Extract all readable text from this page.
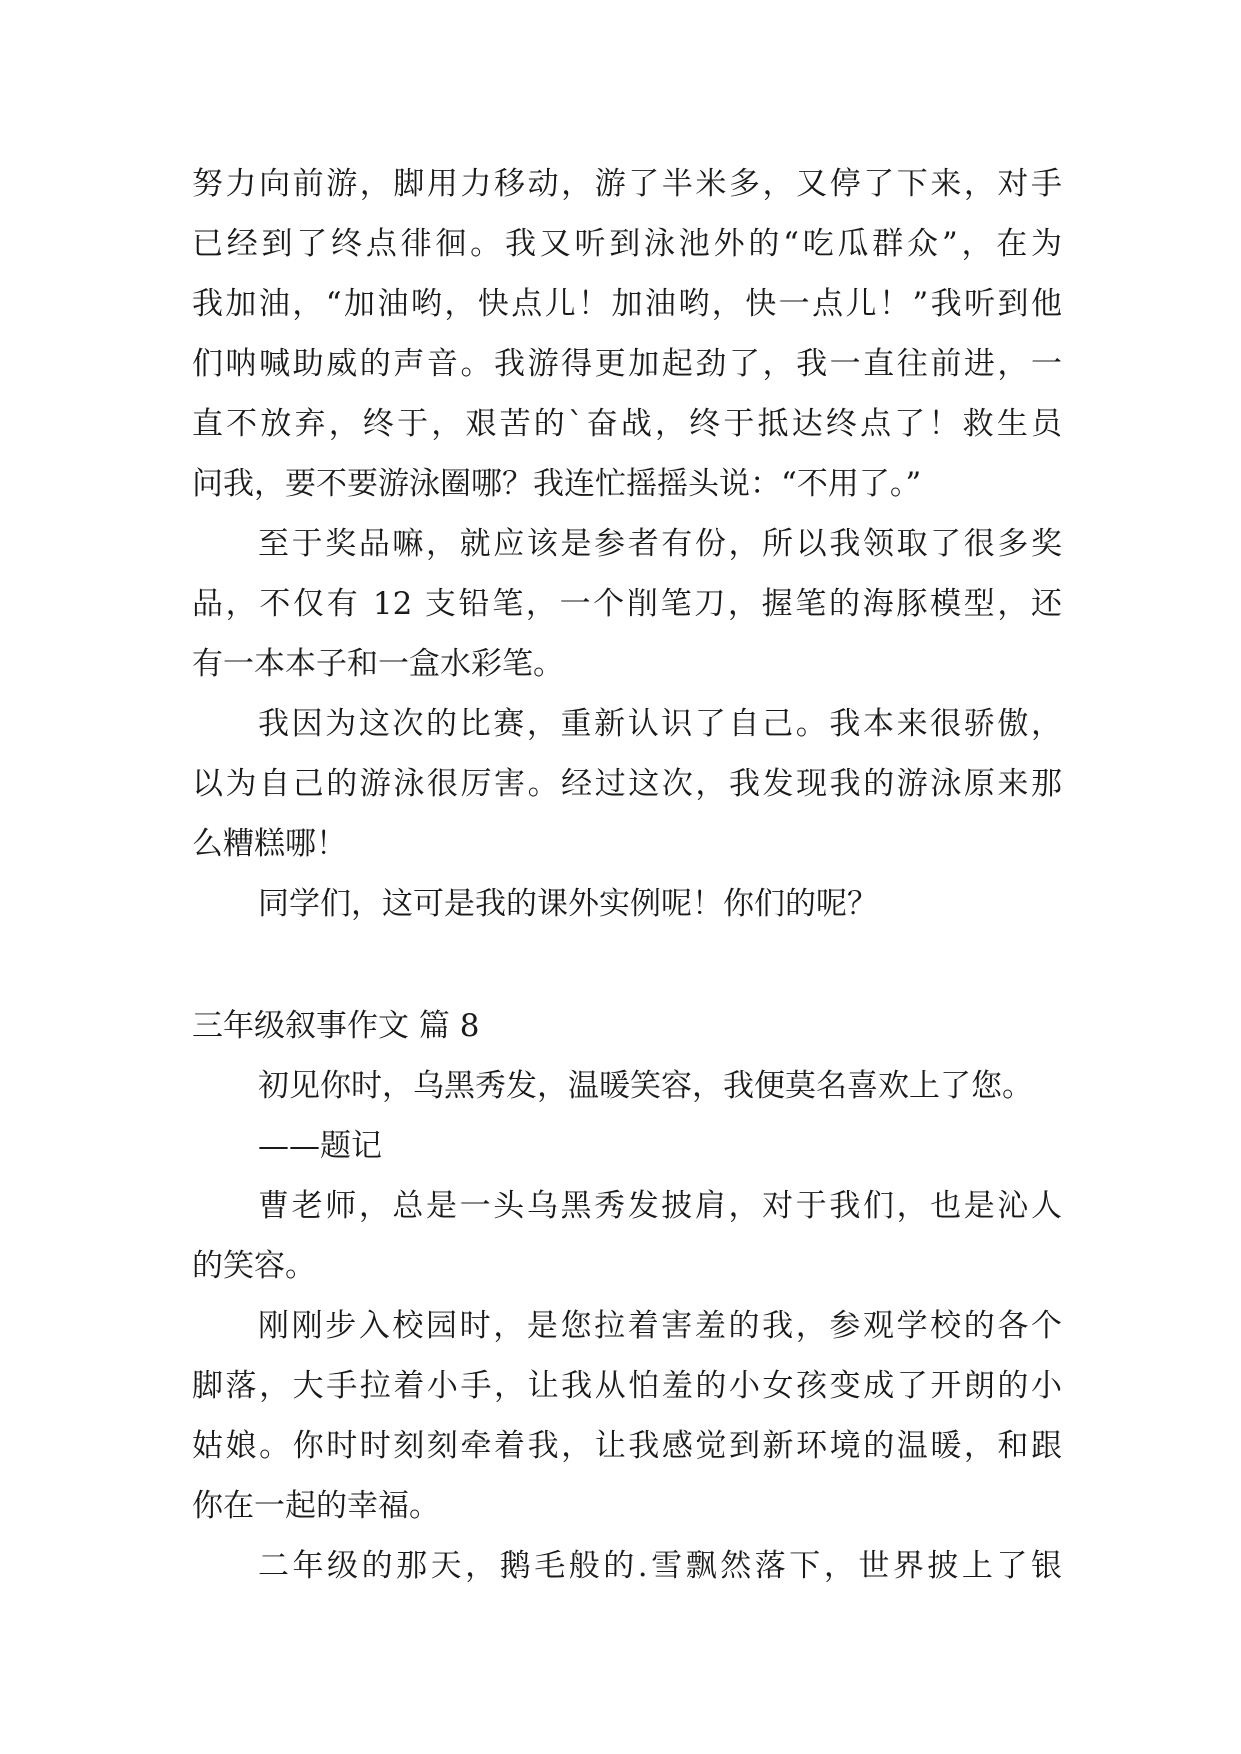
努力向前游，脚用力移动，游了半米多，又停了下来，对手
已经到了终点徘徊。我又听到泳池外的“吃瓜群众”，在为
我加油，“加油哟，快点儿！加油哟，快一点儿！”我听到他
们呐喊助威的声音。我游得更加起劲了，我一直往前进，一
直不放弃，终于，艰苦的`奋战，终于抵达终点了！救生员
问我，要不要游泳圈哪？我连忙摇摇头说：“不用了。”
至于奖品嘛，就应该是参者有份，所以我领取了很多奖
品，不仅有 12 支铅笔，一个削笔刀，握笔的海豚模型，还
有一本本子和一盒水彩笔。
我因为这次的比赛，重新认识了自己。我本来很骄傲，
以为自己的游泳很厉害。经过这次，我发现我的游泳原来那
么糟糕哪！
同学们，这可是我的课外实例呢！你们的呢？
三年级叙事作文 篇 8
初见你时，乌黑秀发，温暖笑容，我便莫名喜欢上了您。
——题记
曹老师，总是一头乌黑秀发披肩，对于我们，也是沁人
的笑容。
刚刚步入校园时，是您拉着害羞的我，参观学校的各个
脚落，大手拉着小手，让我从怕羞的小女孩变成了开朗的小
姑娘。你时时刻刻牵着我，让我感觉到新环境的温暖，和跟
你在一起的幸福。
二年级的那天，鹅毛般的.雪飘然落下，世界披上了银
